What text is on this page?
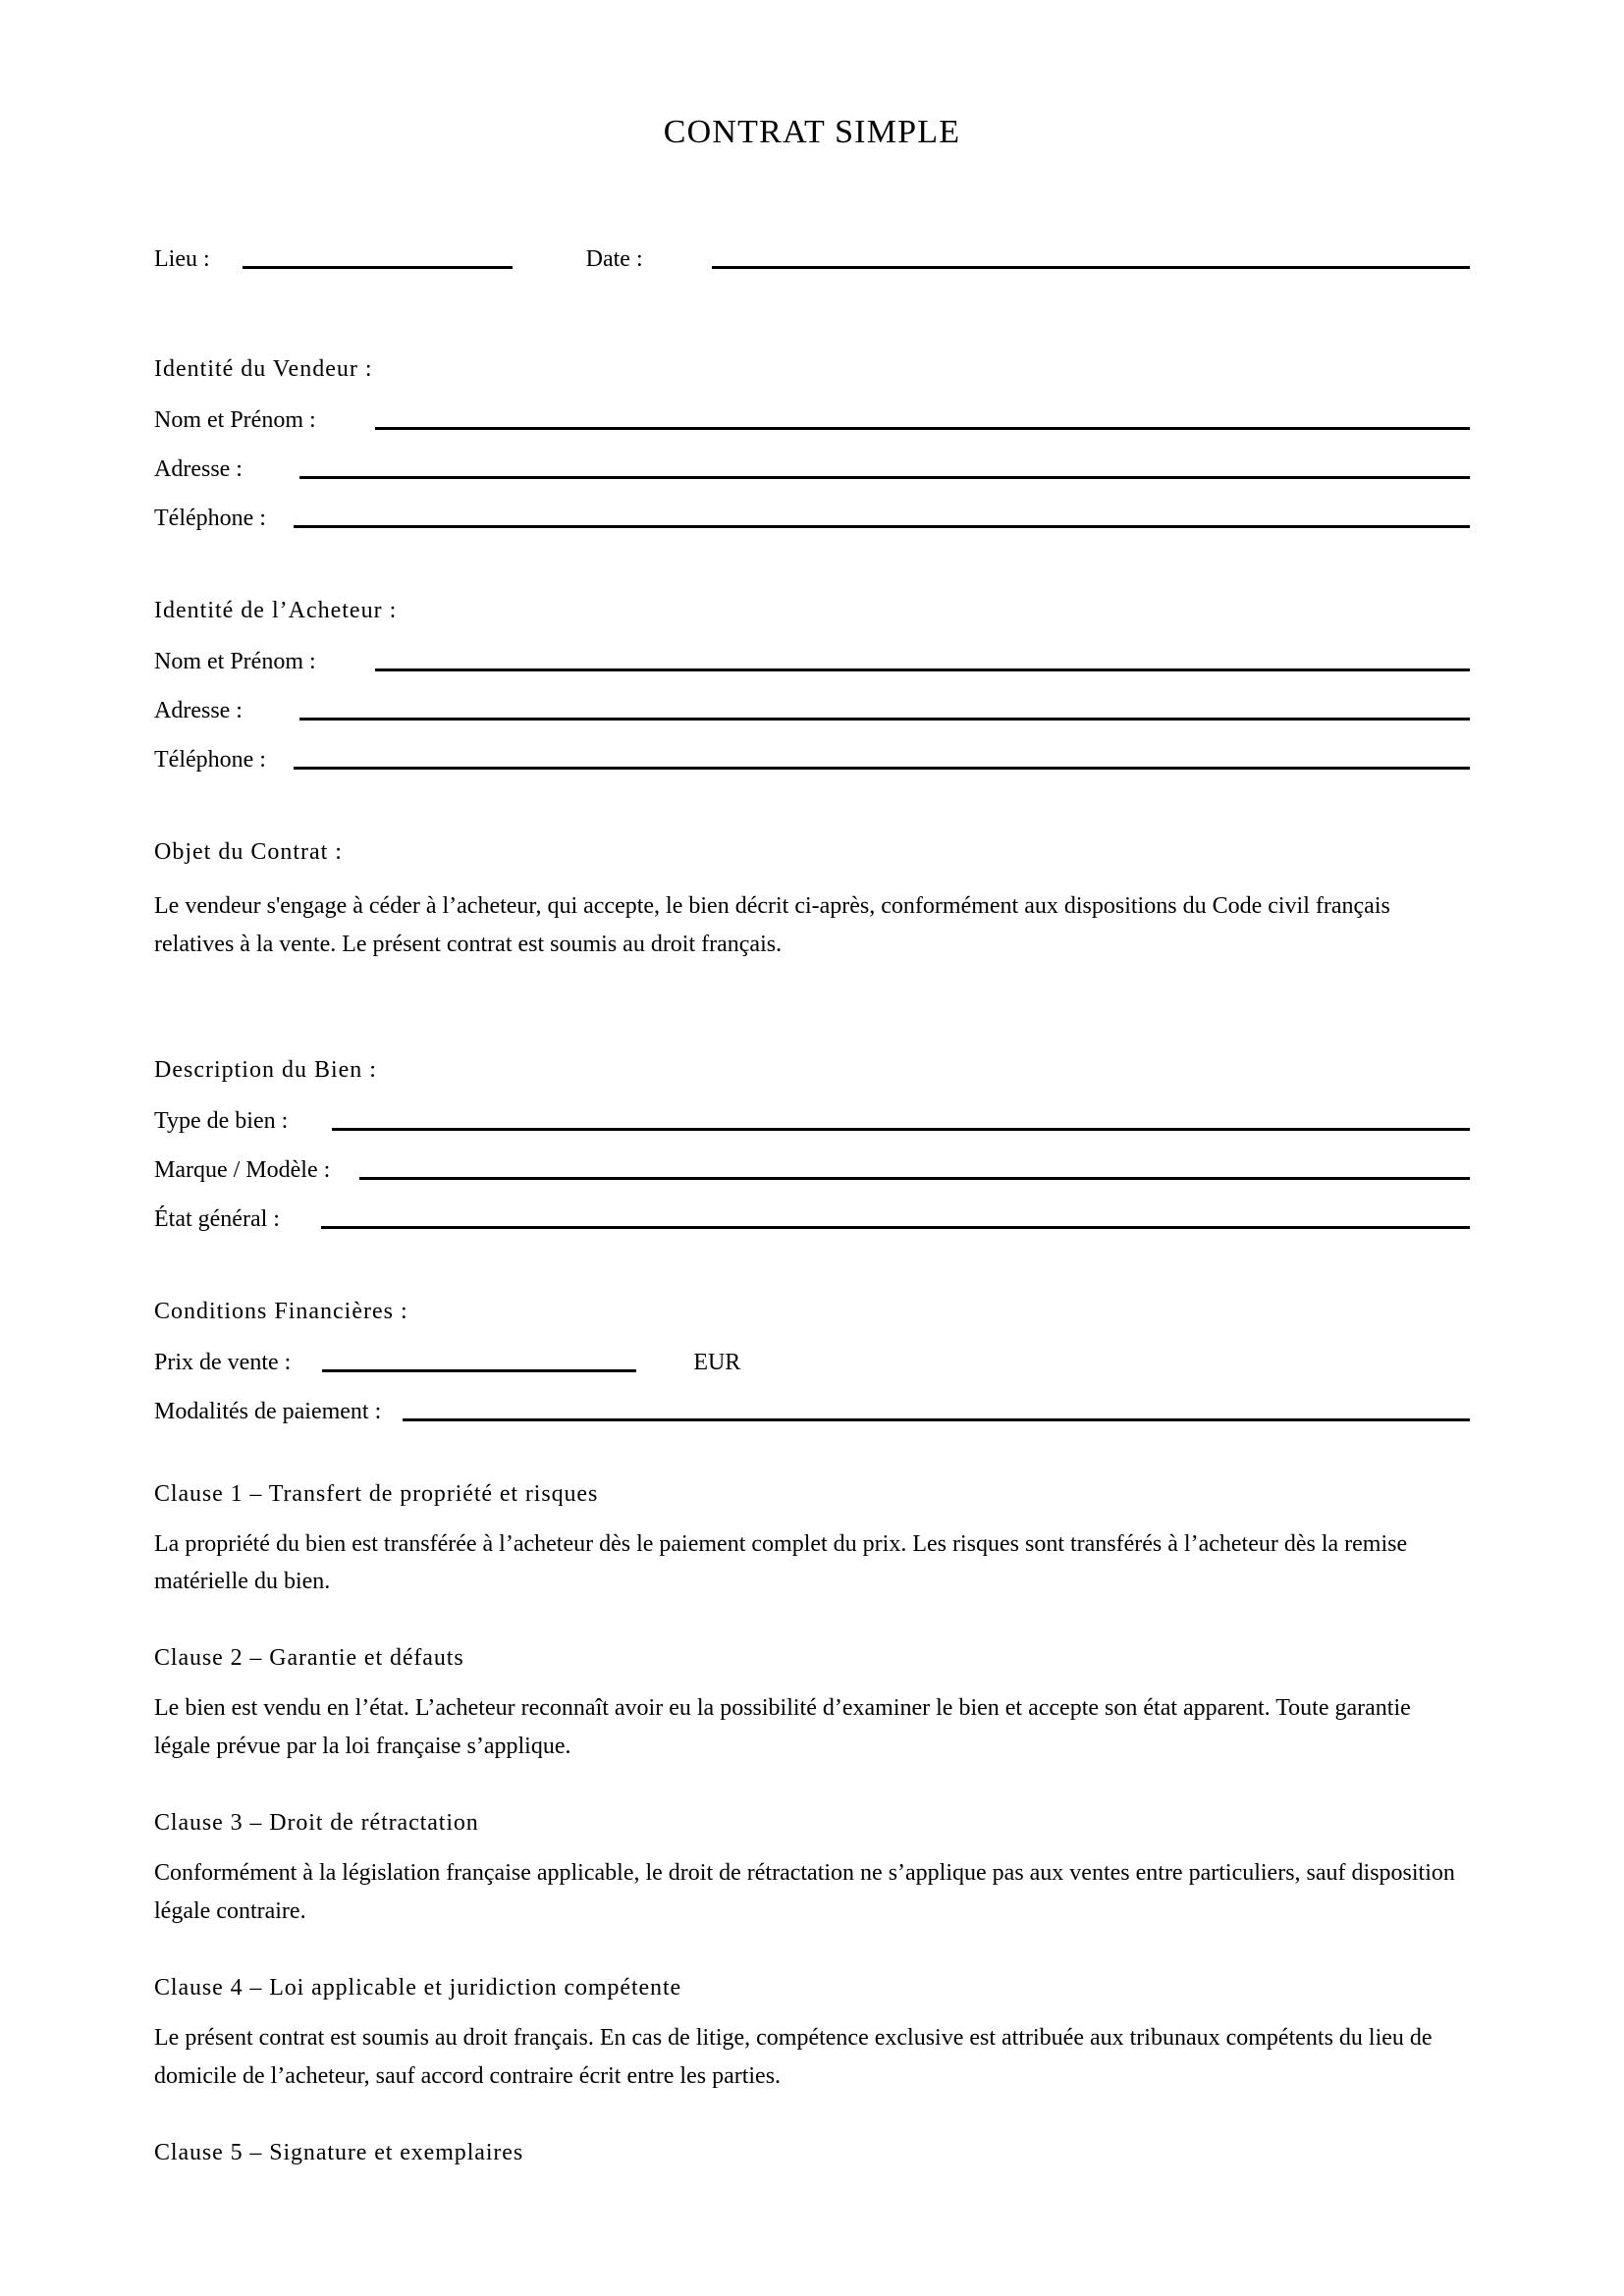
CONTRAT SIMPLE
Lieu :	Date :
Identité du Vendeur :
Nom et Prénom :
Adresse :
Téléphone :
Identité de l’Acheteur :
Nom et Prénom :
Adresse :
Téléphone :
Objet du Contrat :

Le vendeur s'engage à céder à l’acheteur, qui accepte, le bien décrit ci-après, conformément aux dispositions du Code civil français relatives à la vente. Le présent contrat est soumis au droit français.

Description du Bien :
Type de bien :
Marque / Modèle :
État général :
Conditions Financières :
Prix de vente :	EUR
Modalités de paiement :
Clause 1 – Transfert de propriété et risques

La propriété du bien est transférée à l’acheteur dès le paiement complet du prix. Les risques sont transférés à l’acheteur dès la remise matérielle du bien.

Clause 2 – Garantie et défauts

Le bien est vendu en l’état. L’acheteur reconnaît avoir eu la possibilité d’examiner le bien et accepte son état apparent. Toute garantie légale prévue par la loi française s’applique.

Clause 3 – Droit de rétractation

Conformément à la législation française applicable, le droit de rétractation ne s’applique pas aux ventes entre particuliers, sauf disposition légale contraire.

Clause 4 – Loi applicable et juridiction compétente

Le présent contrat est soumis au droit français. En cas de litige, compétence exclusive est attribuée aux tribunaux compétents du lieu de domicile de l’acheteur, sauf accord contraire écrit entre les parties.

Clause 5 – Signature et exemplaires
